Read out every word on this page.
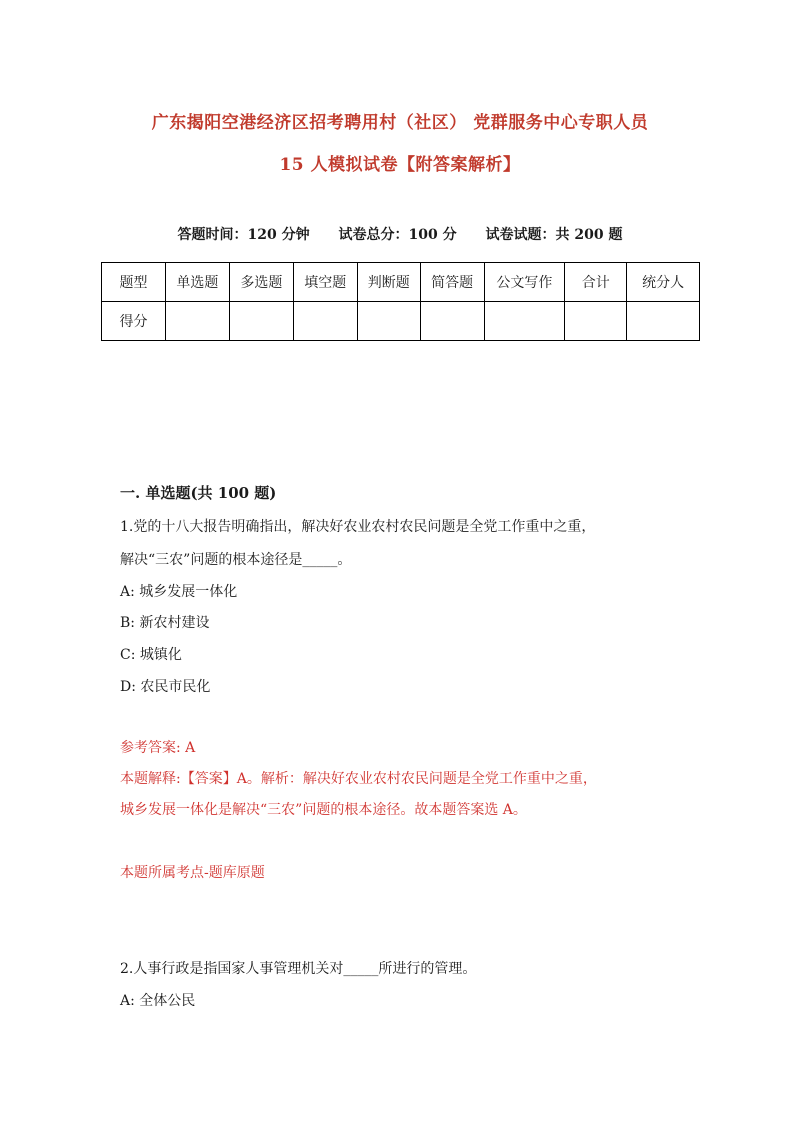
广东揭阳空港经济区招考聘用村（社区） 党群服务中心专职人员
15 人模拟试卷【附答案解析】
答题时间：120 分钟 试卷总分：100 分 试卷试题：共 200 题
题型	单选题	多选题	填空题	判断题	简答题	公文写作	合计	统分人
得分								
一. 单选题(共 100 题)
1.党的十八大报告明确指出，解决好农业农村农民问题是全党工作重中之重，
解决“三农”问题的根本途径是_____。
A: 城乡发展一体化
B: 新农村建设
C: 城镇化
D: 农民市民化
参考答案: A
本题解释:【答案】A。解析：解决好农业农村农民问题是全党工作重中之重，
城乡发展一体化是解决“三农”问题的根本途径。故本题答案选 A。
本题所属考点-题库原题
2.人事行政是指国家人事管理机关对_____所进行的管理。
A: 全体公民
